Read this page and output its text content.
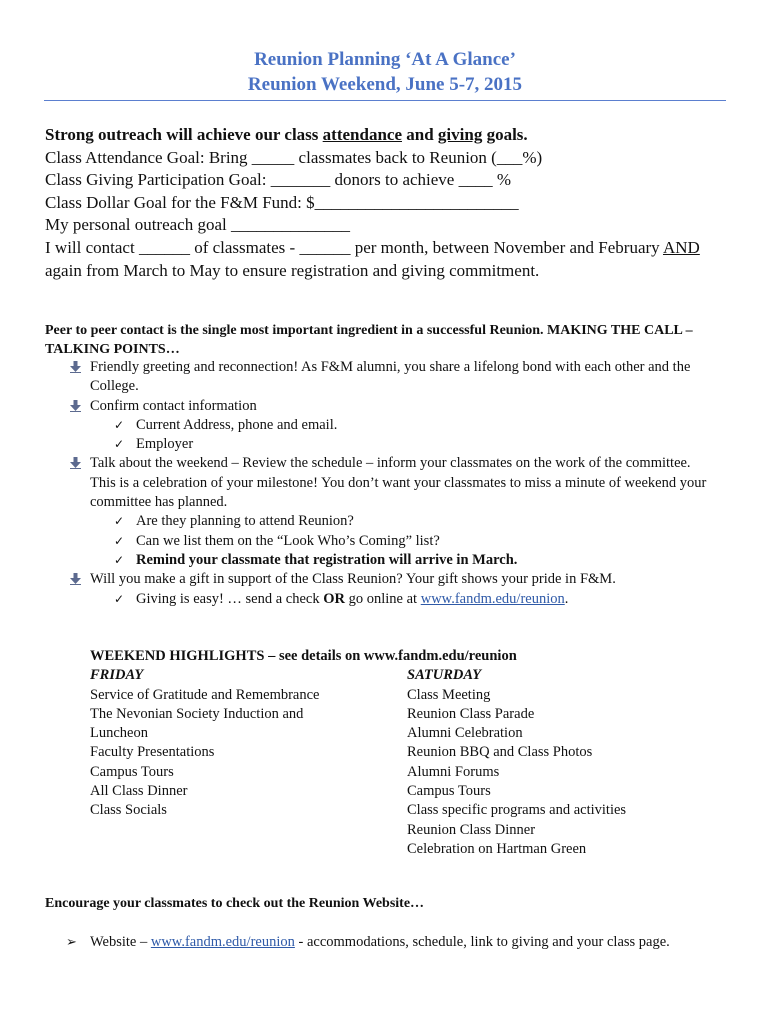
Reunion Planning ‘At A Glance’
Reunion Weekend, June 5-7, 2015

Strong outreach will achieve our class attendance and giving goals.

Class Attendance Goal: Bring _____ classmates back to Reunion (___%)

Class Giving Participation Goal: _______ donors to achieve ____ %

Class Dollar Goal for the F&M Fund: $________________________

My personal outreach goal ______________

I will contact ______ of classmates - ______ per month, between November and February AND again from March to May to ensure registration and giving commitment.

Peer to peer contact is the single most important ingredient in a successful Reunion. MAKING THE CALL – TALKING POINTS…

Friendly greeting and reconnection! As F&M alumni, you share a lifelong bond with each other and the College.
Confirm contact information
✓ Current Address, phone and email.
✓ Employer
Talk about the weekend – Review the schedule – inform your classmates on the work of the committee. This is a celebration of your milestone! You don’t want your classmates to miss a minute of weekend your committee has planned.
✓ Are they planning to attend Reunion?
✓ Can we list them on the “Look Who’s Coming” list?
✓ Remind your classmate that registration will arrive in March.
Will you make a gift in support of the Class Reunion? Your gift shows your pride in F&M.
✓ Giving is easy! … send a check OR go online at www.fandm.edu/reunion.

WEEKEND HIGHLIGHTS – see details on www.fandm.edu/reunion

FRIDAY
Service of Gratitude and Remembrance
The Nevonian Society Induction and Luncheon
Faculty Presentations
Campus Tours
All Class Dinner
Class Socials
SATURDAY
Class Meeting
Reunion Class Parade
Alumni Celebration
Reunion BBQ and Class Photos
Alumni Forums
Campus Tours
Class specific programs and activities
Reunion Class Dinner
Celebration on Hartman Green

Encourage your classmates to check out the Reunion Website…

➢ Website – www.fandm.edu/reunion - accommodations, schedule, link to giving and your class page.
